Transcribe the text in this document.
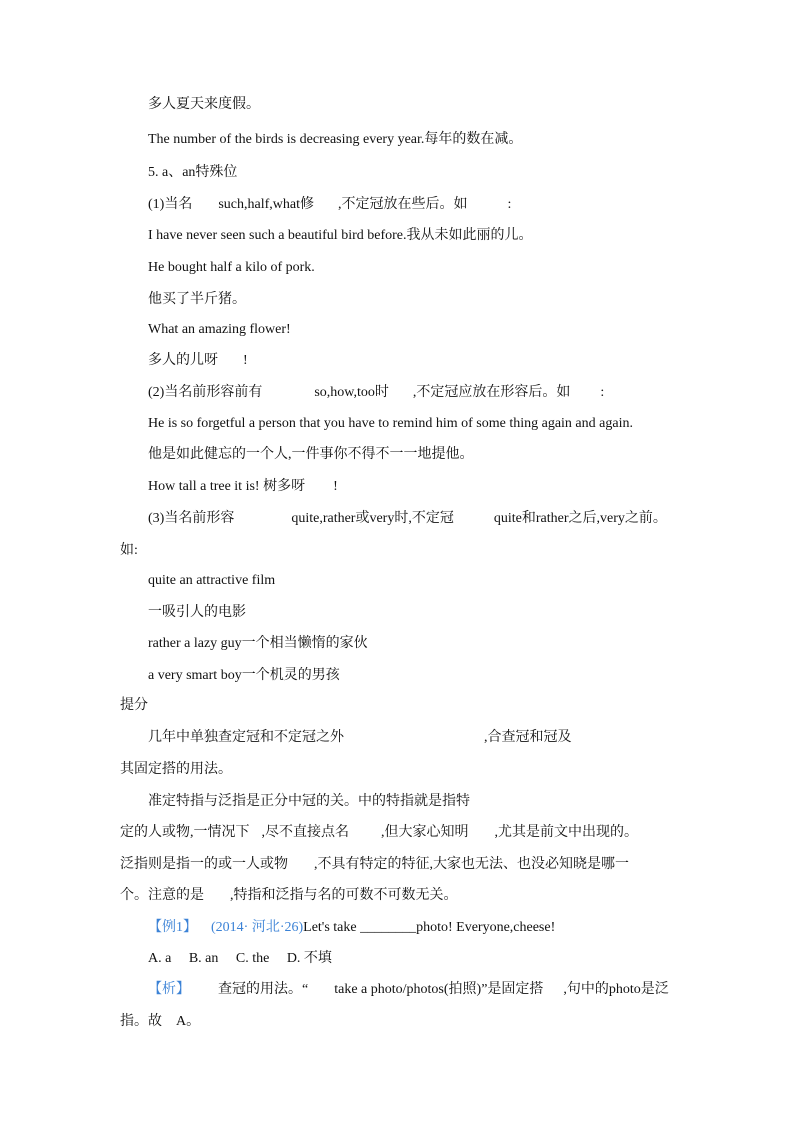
多人夏天来度假。
The number of the birds is decreasing every year.每年的数在减。
5. a、an特殊位
(1)当名 such,half,what修 ,不定冠放在些后。如	:
I have never seen such a beautiful bird before.我从未如此丽的儿。
He bought half a kilo of pork.
他买了半斤猪。
What an amazing flower!
多人的儿呀 !
(2)当名前形容前有	so,how,too时 ,不定冠应放在形容后。如 :
He is so forgetful a person that you have to remind him of some thing again and again.
他是如此健忘的一个人,一件事你不得不一一地提他。
How tall a tree it is! 树多呀 !
(3)当名前形容	quite,rather或very时,不定冠	quite和rather之后,very之前。
如:
quite an attractive film
一吸引人的电影
rather a lazy guy一个相当懒惰的家伙
a very smart boy一个机灵的男孩
提分
几年中单独查定冠和不定冠之外	,合查冠和冠及
其固定搭的用法。
准定特指与泛指是正分中冠的关。中的特指就是指特
定的人或物,一情况下 ,尽不直接点名 ,但大家心知明 ,尤其是前文中出现的。
泛指则是指一的或一人或物 ,不具有特定的特征,大家也无法、也没必知晓是哪一
个。注意的是 ,特指和泛指与名的可数不可数无关。
【例1】 (2014· 河北·26)Let's take ________photo! Everyone,cheese!
A. a     B. an     C. the     D. 不填
【析】 查冠的用法。“ take a photo/photos(拍照)”是固定搭 ,句中的photo是泛
指。故 A。
